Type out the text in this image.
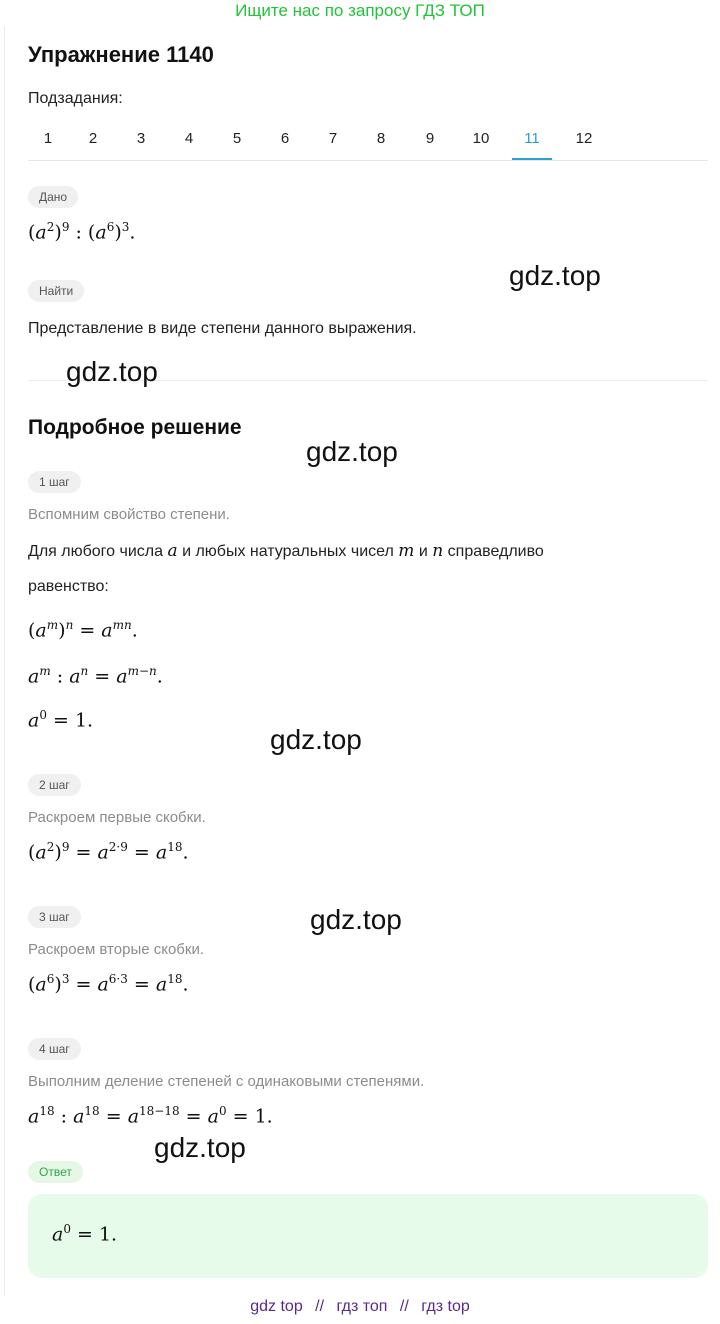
Ищите нас по запросу ГДЗ ТОП
Упражнение 1140
Подзадания:
1	2	3	4	5	6	7	8	9	10	11	12
Дано
$(a^2)^9$ : $(a^6)^3$.
Найти
Представление в виде степени данного выражения.
Подробное решение
1 шаг
Вспомним свойство степени.
Для любого числа a и любых натуральных чисел m и n справедливо
равенство:
$(a^m)^n = a^{mn}$.
$a^m$ : $a^n = a^{m-n}$.
$a^0 = 1$.
2 шаг
Раскроем первые скобки.
$(a^2)^9 = a^{2\cdot 9} = a^{18}$.
3 шаг
Раскроем вторые скобки.
$(a^6)^3 = a^{6\cdot 3} = a^{18}$.
4 шаг
Выполним деление степеней с одинаковыми степенями.
$a^{18}$ : $a^{18} = a^{18-18} = a^0 = 1$.
Ответ
$a^0 = 1$.
gdz.top
gdz.top
gdz.top
gdz.top
gdz.top
gdz.top
gdz top // гдз топ // гдз top
